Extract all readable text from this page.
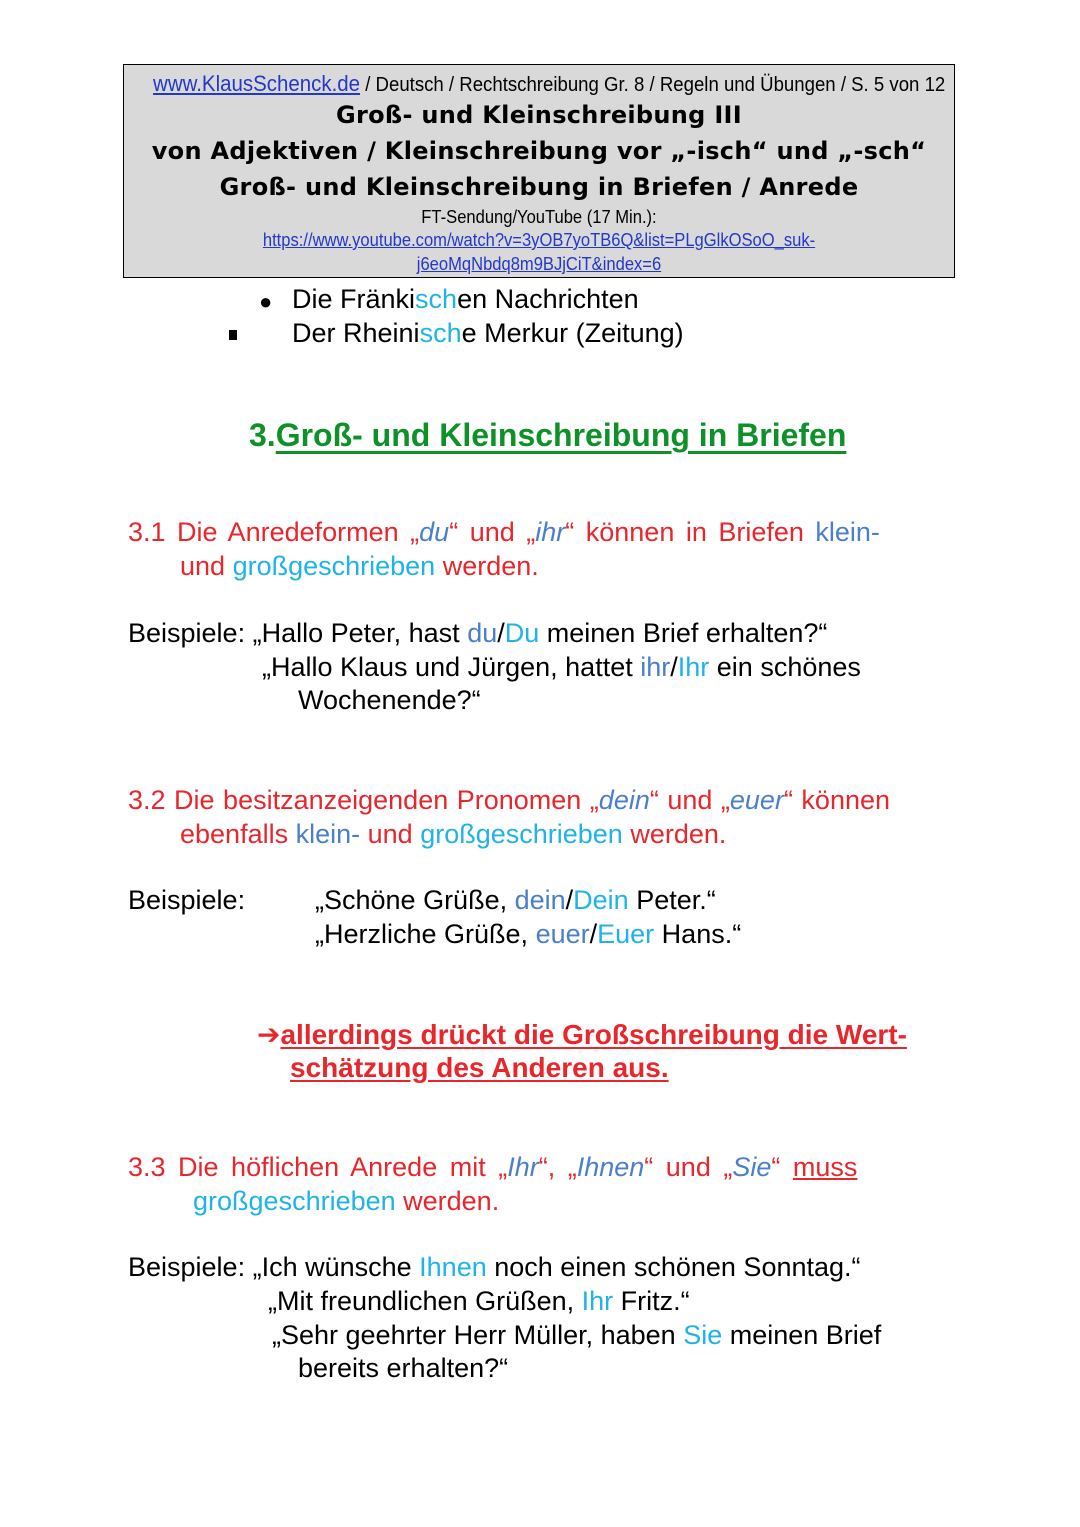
www.KlausSchenck.de / Deutsch / Rechtschreibung Gr. 8 / Regeln und Übungen / S. 5 von 12
Groß- und Kleinschreibung III
von Adjektiven / Kleinschreibung vor „-isch“ und „-sch“
Groß- und Kleinschreibung in Briefen / Anrede
FT-Sendung/YouTube (17 Min.):
https://www.youtube.com/watch?v=3yOB7yoTB6Q&list=PLgGlkOSoO_suk-
j6eoMqNbdq8m9BJjCiT&index=6
● Die Fränkischen Nachrichten
Der Rheinische Merkur (Zeitung)
3.Groß- und Kleinschreibung in Briefen
3.1 Die Anredeformen „du“ und „ihr“ können in Briefen klein-
und großgeschrieben werden.
Beispiele: „Hallo Peter, hast du/Du meinen Brief erhalten?“
„Hallo Klaus und Jürgen, hattet ihr/Ihr ein schönes
Wochenende?“
3.2 Die besitzanzeigenden Pronomen „dein“ und „euer“ können
ebenfalls klein- und großgeschrieben werden.
Beispiele:	„Schöne Grüße, dein/Dein Peter.“
„Herzliche Grüße, euer/Euer Hans.“
➔allerdings drückt die Großschreibung die Wert-
schätzung des Anderen aus.
3.3 Die höflichen Anrede mit „Ihr“, „Ihnen“ und „Sie“ muss
großgeschrieben werden.
Beispiele: „Ich wünsche Ihnen noch einen schönen Sonntag.“
„Mit freundlichen Grüßen, Ihr Fritz.“
„Sehr geehrter Herr Müller, haben Sie meinen Brief
bereits erhalten?“
